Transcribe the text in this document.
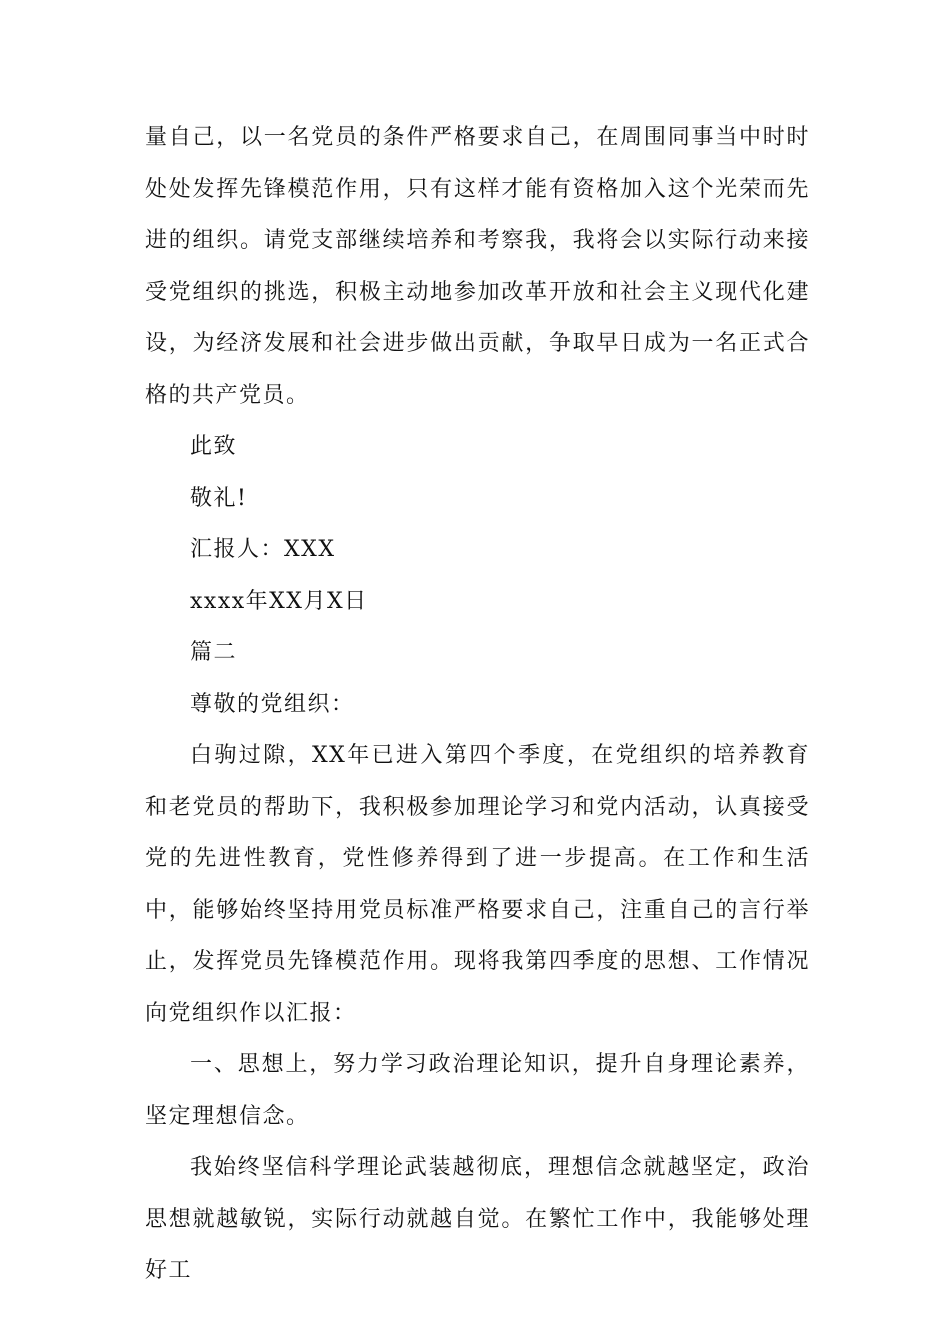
量自己，以一名党员的条件严格要求自己，在周围同事当中时时处处发挥先锋模范作用，只有这样才能有资格加入这个光荣而先进的组织。请党支部继续培养和考察我，我将会以实际行动来接受党组织的挑选，积极主动地参加改革开放和社会主义现代化建设，为经济发展和社会进步做出贡献，争取早日成为一名正式合格的共产党员。

此致

敬礼!

汇报人：XXX

xxxx年XX月X日

篇二

尊敬的党组织：

白驹过隙，XX年已进入第四个季度，在党组织的培养教育和老党员的帮助下，我积极参加理论学习和党内活动，认真接受党的先进性教育，党性修养得到了进一步提高。在工作和生活中，能够始终坚持用党员标准严格要求自己，注重自己的言行举止，发挥党员先锋模范作用。现将我第四季度的思想、工作情况向党组织作以汇报：

一、思想上，努力学习政治理论知识，提升自身理论素养，坚定理想信念。

我始终坚信科学理论武装越彻底，理想信念就越坚定，政治思想就越敏锐，实际行动就越自觉。在繁忙工作中，我能够处理好工
